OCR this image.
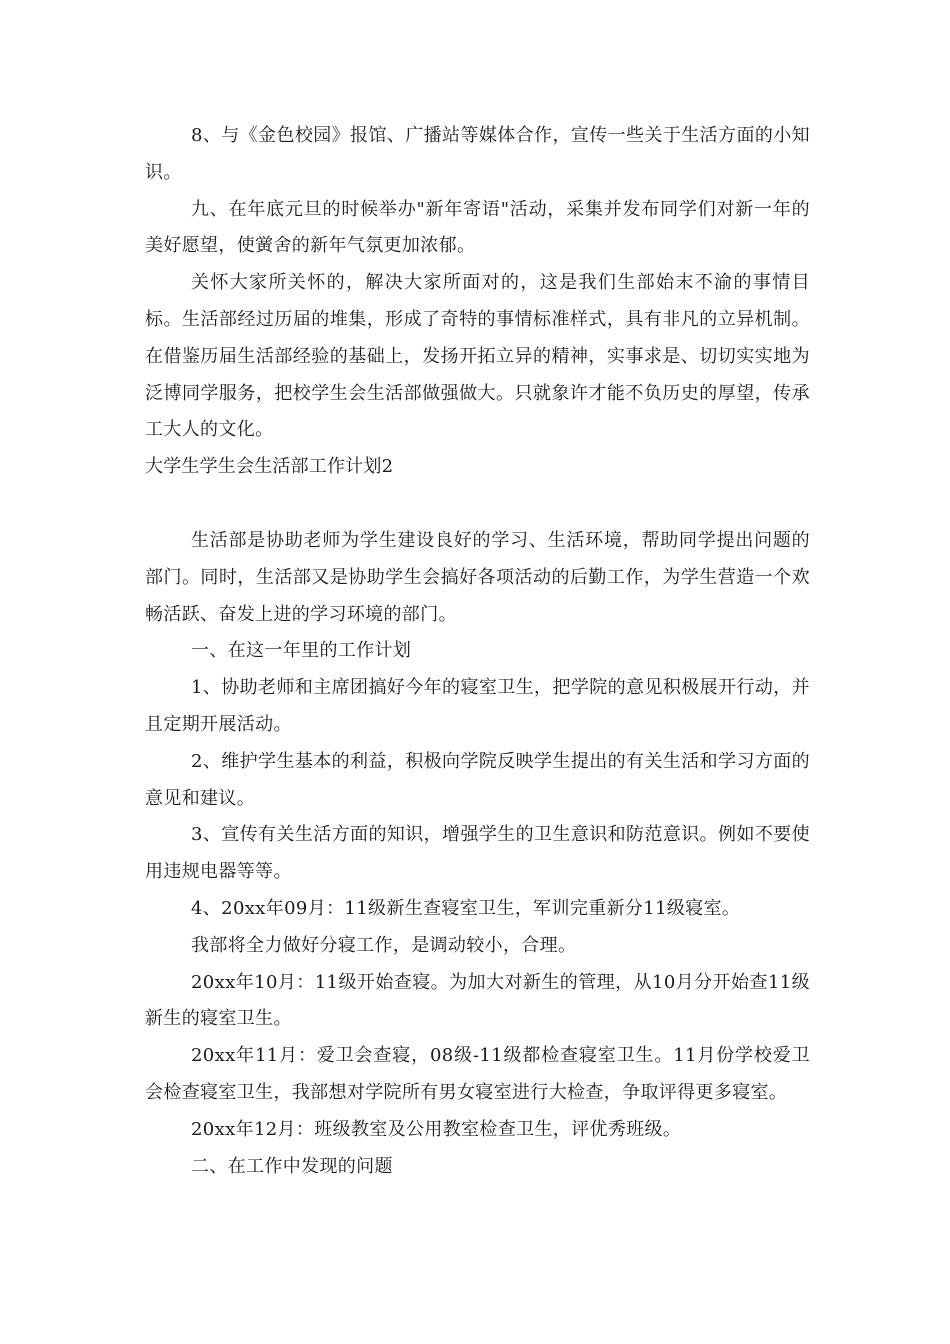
8、与《金色校园》报馆、广播站等媒体合作，宣传一些关于生活方面的小知识。

九、在年底元旦的时候举办"新年寄语"活动，采集并发布同学们对新一年的美好愿望，使黉舍的新年气氛更加浓郁。

关怀大家所关怀的，解决大家所面对的，这是我们生部始末不渝的事情目标。生活部经过历届的堆集，形成了奇特的事情标准样式，具有非凡的立异机制。在借鉴历届生活部经验的基础上，发扬开拓立异的精神，实事求是、切切实实地为泛博同学服务，把校学生会生活部做强做大。只就象许才能不负历史的厚望，传承工大人的文化。

大学生学生会生活部工作计划2

生活部是协助老师为学生建设良好的学习、生活环境，帮助同学提出问题的部门。同时，生活部又是协助学生会搞好各项活动的后勤工作，为学生营造一个欢畅活跃、奋发上进的学习环境的部门。

一、在这一年里的工作计划

1、协助老师和主席团搞好今年的寝室卫生，把学院的意见积极展开行动，并且定期开展活动。

2、维护学生基本的利益，积极向学院反映学生提出的有关生活和学习方面的意见和建议。

3、宣传有关生活方面的知识，增强学生的卫生意识和防范意识。例如不要使用违规电器等等。

4、20xx年09月：11级新生查寝室卫生，军训完重新分11级寝室。

我部将全力做好分寝工作，是调动较小，合理。

20xx年10月：11级开始查寝。为加大对新生的管理，从10月分开始查11级新生的寝室卫生。

20xx年11月：爱卫会查寝，08级-11级都检查寝室卫生。11月份学校爱卫会检查寝室卫生，我部想对学院所有男女寝室进行大检查，争取评得更多寝室。

20xx年12月：班级教室及公用教室检查卫生，评优秀班级。

二、在工作中发现的问题
